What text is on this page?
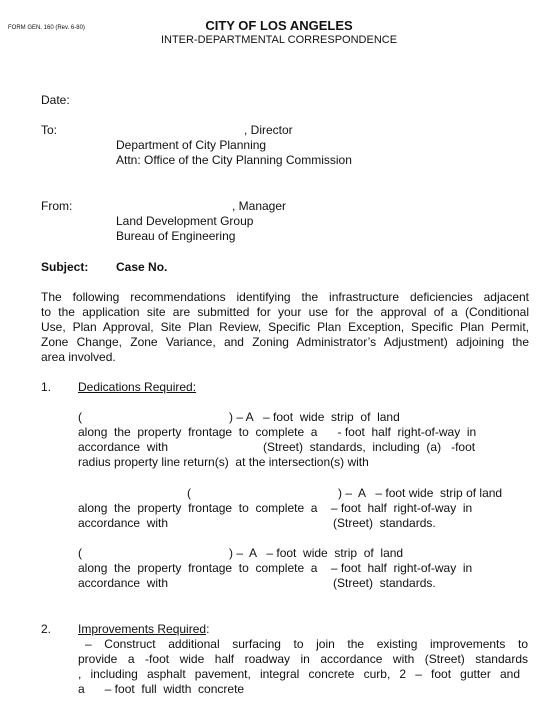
FORM GEN. 160 (Rev. 6-80)	CITY OF LOS ANGELES
INTER-DEPARTMENTAL CORRESPONDENCE
Date:
To:	, Director
Department of City Planning
Attn: Office of the City Planning Commission
From:	, Manager
Land Development Group
Bureau of Engineering
Subject: Case No.
The following recommendations identifying the infrastructure deficiencies adjacent
to the application site are submitted for your use for the approval of a (Conditional
Use, Plan Approval, Site Plan Review, Specific Plan Exception, Specific Plan Permit,
Zone Change, Zone Variance, and Zoning Administrator’s Adjustment) adjoining the
area involved.
1. Dedications Required:
(	) – A   – foot  wide  strip  of  land
along  the  property  frontage  to  complete  a      - foot  half  right-of-way  in
accordance  with	(Street)  standards,  including  (a)   -foot
radius property line return(s)  at the intersection(s) with
(	) –  A   – foot wide  strip of land
along  the  property  frontage  to  complete  a    – foot  half  right-of-way  in
accordance  with	(Street)  standards.
(	) –  A   – foot  wide  strip  of  land
along  the  property  frontage  to  complete  a    – foot  half  right-of-way  in
accordance  with	(Street)  standards.
2. Improvements Required:
– Construct additional surfacing to join the existing improvements to
provide a -foot wide half roadway in accordance with (Street) standards
, including asphalt pavement, integral concrete curb, 2 – foot gutter and
a      – foot  full  width  concrete
